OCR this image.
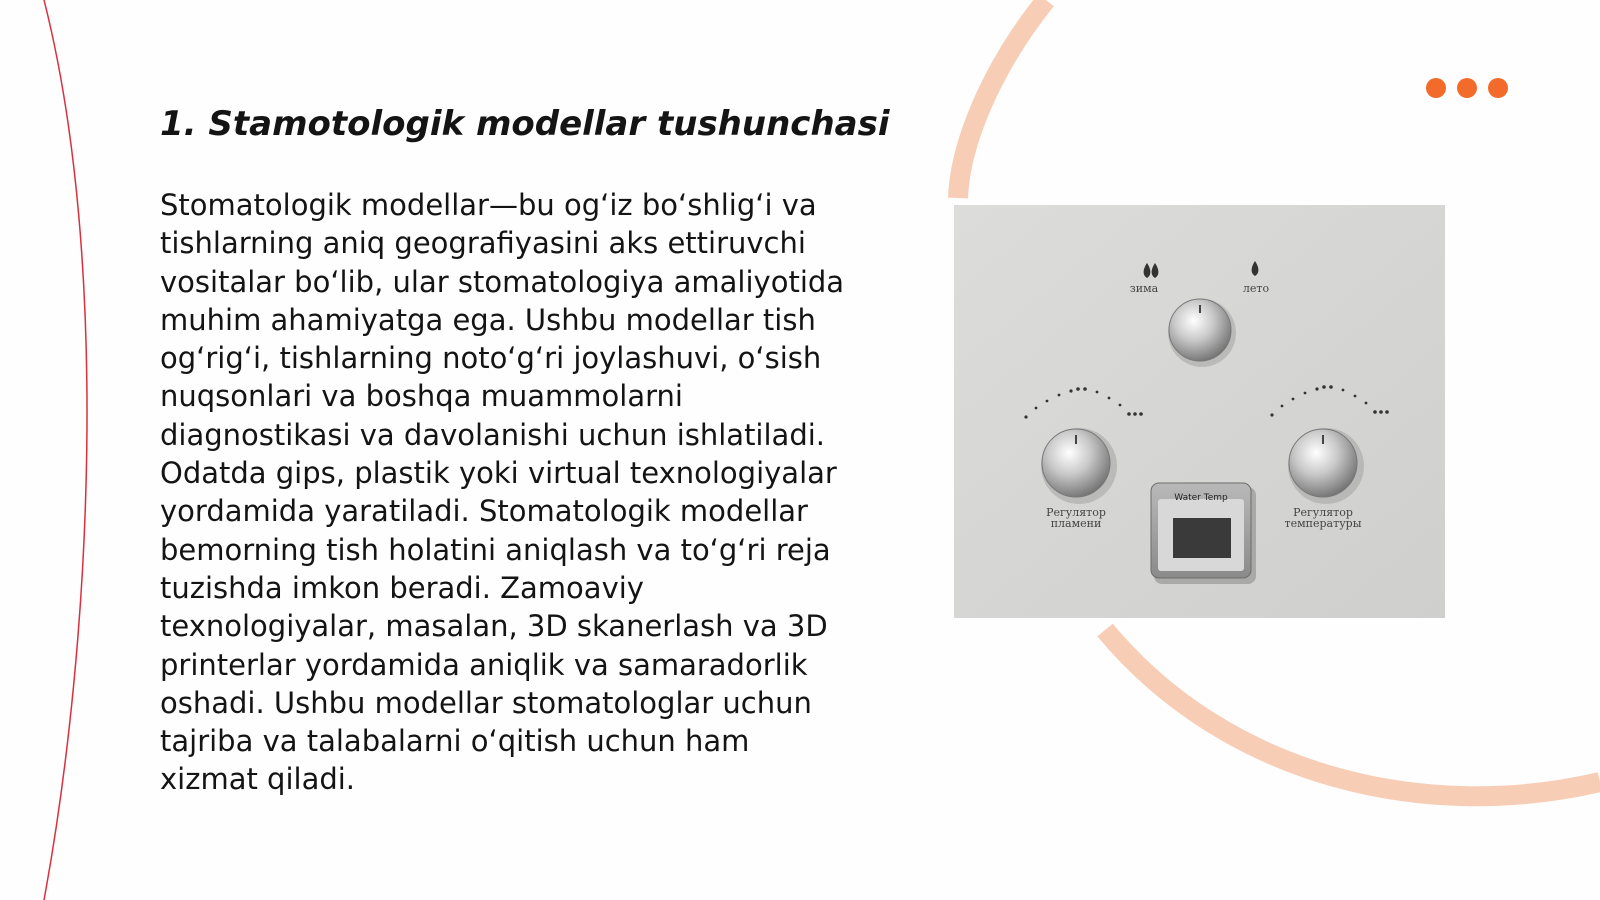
1. Stamotologik modellar tushunchasi

Stomatologik modellar—bu og‘iz bo‘shlig‘i va tishlarning aniq geografiyasini aks ettiruvchi vositalar bo‘lib, ular stomatologiya amaliyotida muhim ahamiyatga ega. Ushbu modellar tish og‘rig‘i, tishlarning noto‘g‘ri joylashuvi, o‘sish nuqsonlari va boshqa muammolarni diagnostikasi va davolanishi uchun ishlatiladi. Odatda gips, plastik yoki virtual texnologiyalar yordamida yaratiladi. Stomatologik modellar bemorning tish holatini aniqlash va to‘g‘ri reja tuzishda imkon beradi. Zamoaviy texnologiyalar, masalan, 3D skanerlash va 3D printerlar yordamida aniqlik va samaradorlik oshadi. Ushbu modellar stomatologlar uchun tajriba va talabalarni o‘qitish uchun ham xizmat qiladi.

зима	лето
Регулятор
пламени
Регулятор
температуры
Water Temp
